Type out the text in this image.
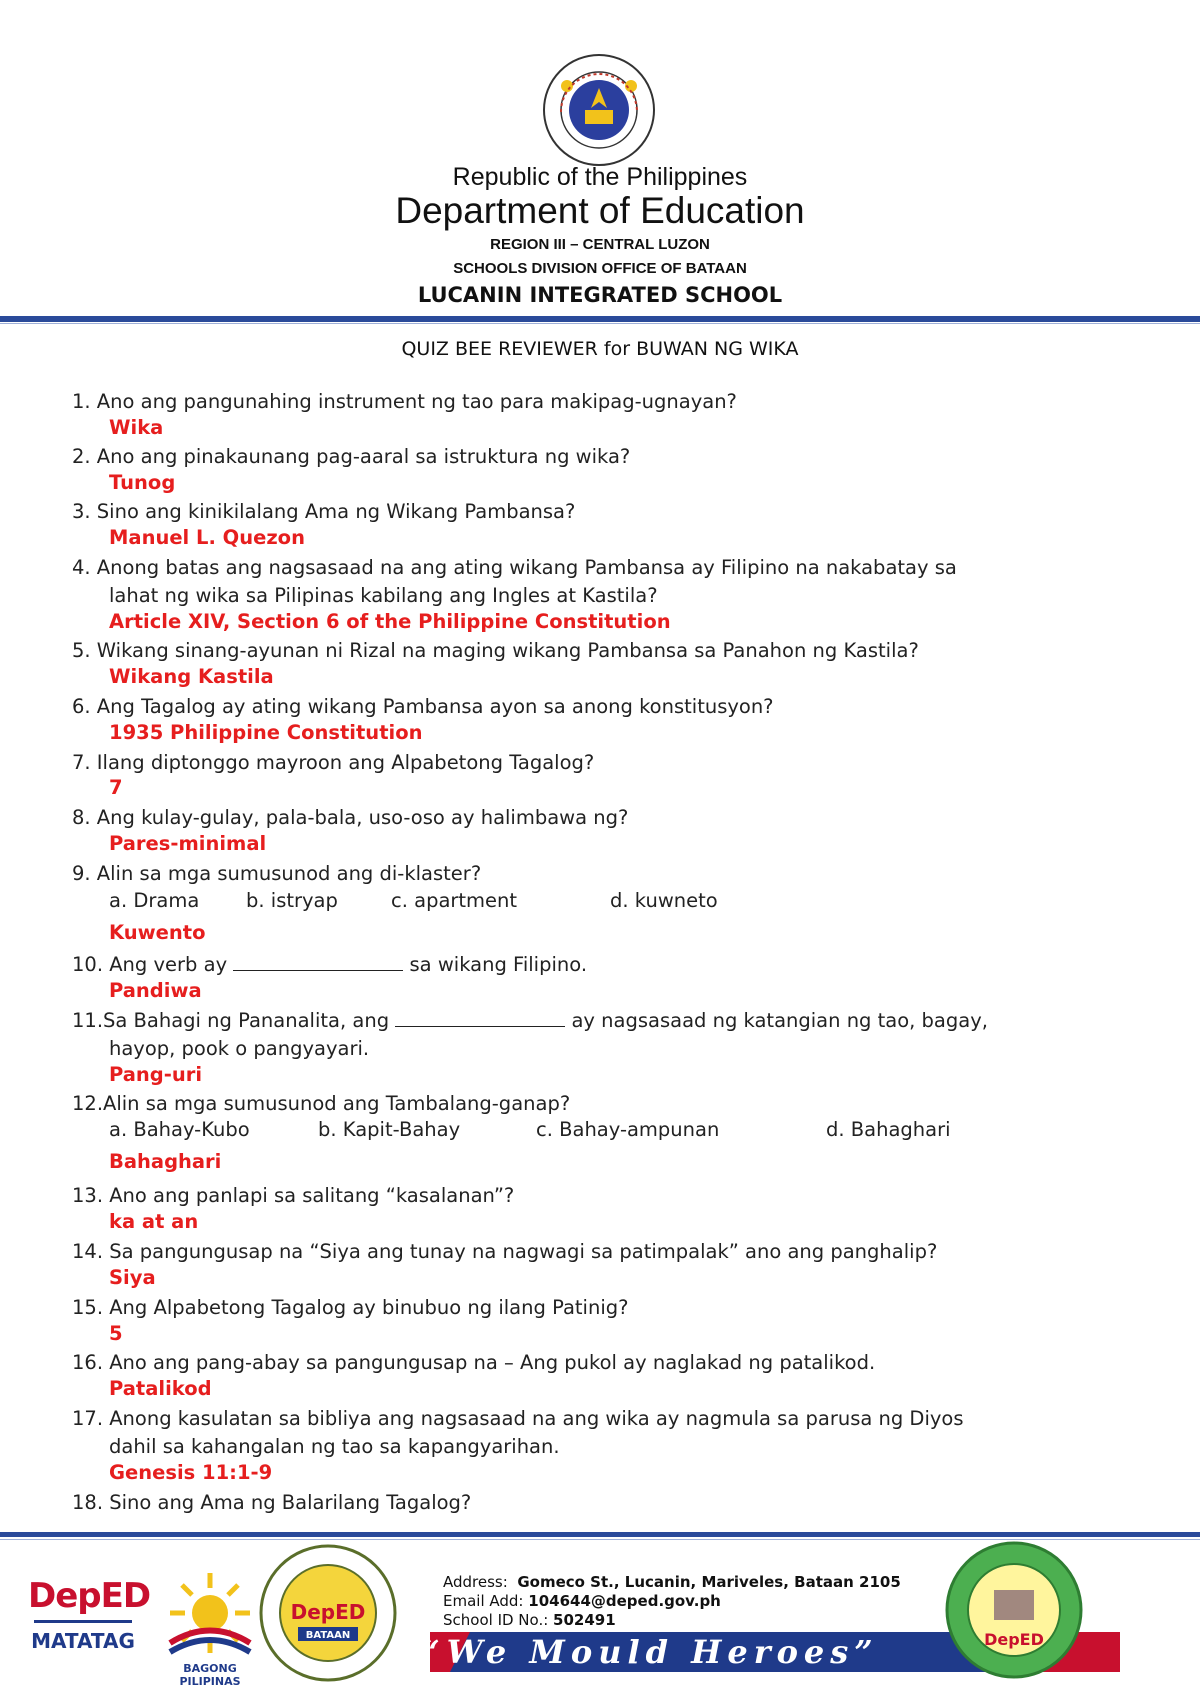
Republic of the Philippines
Department of Education
REGION III – CENTRAL LUZON
SCHOOLS DIVISION OFFICE OF BATAAN
LUCANIN INTEGRATED SCHOOL
QUIZ BEE REVIEWER for BUWAN NG WIKA
1. Ano ang pangunahing instrument ng tao para makipag-ugnayan?
Wika
2. Ano ang pinakaunang pag-aaral sa istruktura ng wika?
Tunog
3. Sino ang kinikilalang Ama ng Wikang Pambansa?
Manuel L. Quezon
4. Anong batas ang nagsasaad na ang ating wikang Pambansa ay Filipino na nakabatay sa
lahat ng wika sa Pilipinas kabilang ang Ingles at Kastila?
Article XIV, Section 6 of the Philippine Constitution
5. Wikang sinang-ayunan ni Rizal na maging wikang Pambansa sa Panahon ng Kastila?
Wikang Kastila
6. Ang Tagalog ay ating wikang Pambansa ayon sa anong konstitusyon?
1935 Philippine Constitution
7. Ilang diptonggo mayroon ang Alpabetong Tagalog?
7
8. Ang kulay-gulay, pala-bala, uso-oso ay halimbawa ng?
Pares-minimal
9. Alin sa mga sumusunod ang di-klaster?
a. Drama b. istryap	c. apartment	d. kuwneto
Kuwento
10. Ang verb ay	sa wikang Filipino.
Pandiwa
11.Sa Bahagi ng Pananalita, ang	ay nagsasaad ng katangian ng tao, bagay,
hayop, pook o pangyayari.
Pang-uri
12.Alin sa mga sumusunod ang Tambalang-ganap?
a. Bahay-Kubo	b. Kapit-Bahay	c. Bahay-ampunan	d. Bahaghari
Bahaghari
13. Ano ang panlapi sa salitang “kasalanan”?
ka at an
14. Sa pangungusap na “Siya ang tunay na nagwagi sa patimpalak” ano ang panghalip?
Siya
15. Ang Alpabetong Tagalog ay binubuo ng ilang Patinig?
5
16. Ano ang pang-abay sa pangungusap na – Ang pukol ay naglakad ng patalikod.
Patalikod
17. Anong kasulatan sa bibliya ang nagsasaad na ang wika ay nagmula sa parusa ng Diyos
dahil sa kahangalan ng tao sa kapangyarihan.
Genesis 11:1-9
18. Sino ang Ama ng Balarilang Tagalog?
DepED
MATATAG
BAGONG PILIPINAS
DepED
BATAAN
Address: Gomeco St., Lucanin, Mariveles, Bataan 2105
Email Add: 104644@deped.gov.ph
School ID No.: 502491
“We Mould Heroes”	DepED
